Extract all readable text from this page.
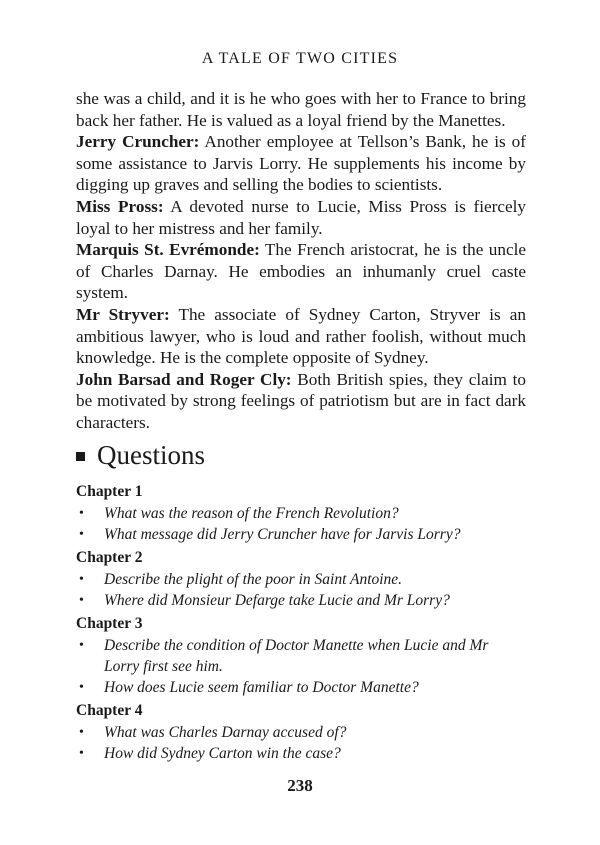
A TALE OF TWO CITIES

she was a child, and it is he who goes with her to France to bring back her father. He is valued as a loyal friend by the Manettes.

Jerry Cruncher: Another employee at Tellson’s Bank, he is of some assistance to Jarvis Lorry. He supplements his income by digging up graves and selling the bodies to scientists.

Miss Pross: A devoted nurse to Lucie, Miss Pross is fiercely loyal to her mistress and her family.

Marquis St. Evrémonde: The French aristocrat, he is the uncle of Charles Darnay. He embodies an inhumanly cruel caste system.

Mr Stryver: The associate of Sydney Carton, Stryver is an ambitious lawyer, who is loud and rather foolish, without much knowledge. He is the complete opposite of Sydney.

John Barsad and Roger Cly: Both British spies, they claim to be motivated by strong feelings of patriotism but are in fact dark characters.

Questions
Chapter 1
• What was the reason of the French Revolution?
• What message did Jerry Cruncher have for Jarvis Lorry?
Chapter 2
• Describe the plight of the poor in Saint Antoine.
• Where did Monsieur Defarge take Lucie and Mr Lorry?
Chapter 3
• Describe the condition of Doctor Manette when Lucie and Mr Lorry first see him.
• How does Lucie seem familiar to Doctor Manette?
Chapter 4
• What was Charles Darnay accused of?
• How did Sydney Carton win the case?
238
